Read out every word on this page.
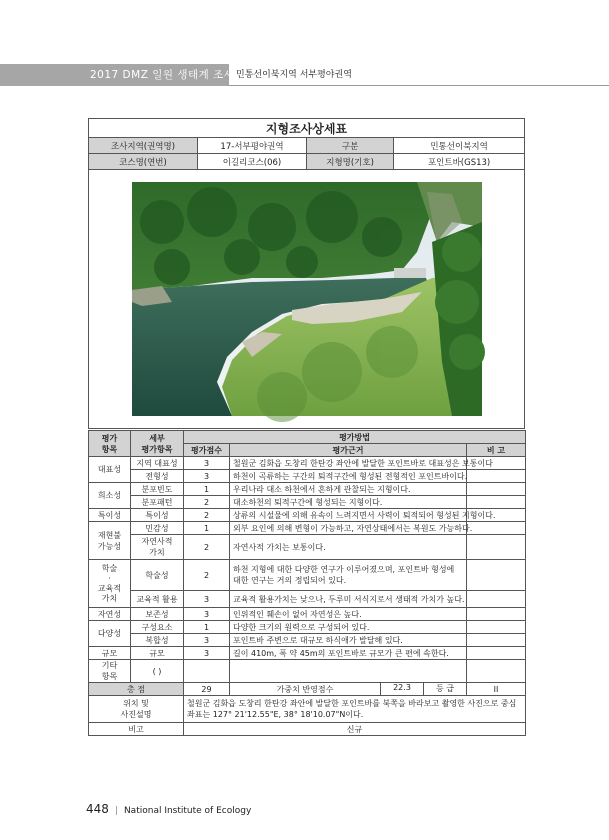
2017 DMZ 일원 생태계 조사 민통선이북지역 서부평야권역
지형조사상세표			
조사지역(권역명)	17-서부평야권역	구분	민통선이북지역
코스명(연번)	이길리코스(06)	지형명(기호)	포인트바(GS13)

평가
항목	세부
평가항목	평가방법			
		평가점수	평가근거		비 고
대표성	지역 대표성	3	철원군 김화읍 도창리 한탄강 좌안에 발달한 포인트바로 대표성은 보통이다		
	전형성	3	하천이 곡류하는 구간의 퇴적구간에 형성된 전형적인 포인트바이다.		
희소성	분포빈도	1	우리나라 대소 하천에서 흔하게 관찰되는 지형이다.		
	분포패턴	2	대소하천의 퇴적구간에 형성되는 지형이다.		
특이성	특이성	2	상류의 시설물에 의해 유속이 느려지면서 사력이 퇴적되어 형성된 지형이다.		
재현불
가능성	민감성	1	외부 요인에 의해 변형이 가능하고, 자연상태에서는 복원도 가능하다.		
	자연사적
가치	2	자연사적 가치는 보통이다.		
학술
·
교육적
가치	학술성	2	하천 지형에 대한 다양한 연구가 이루어졌으며, 포인트바 형성에 대한 연구는 거의 정립되어 있다.		
	교육적 활용	3	교육적 활용가치는 낮으나, 두루미 서식지로서 생태적 가치가 높다.		
자연성	보존성	3	인위적인 훼손이 없어 자연성은 높다.		
다양성	구성요소	1	다양한 크기의 원력으로 구성되어 있다.		
	복합성	3	포인트바 주변으로 대규모 하식애가 발달해 있다.		
규모	규모	3	길이 410m, 폭 약 45m의 포인트바로 규모가 큰 편에 속한다.		
기타
항목	( )				
총 점		29	가중치 반영점수	22.3 등 급	II
위치 및
사진설명		철원군 김화읍 도창리 한탄강 좌안에 발달한 포인트바를 북쪽을 바라보고 촬영한 사진으로 중심좌표는 127° 21'12.55"E, 38° 18'10.07"N이다.			
비고		신규			
448 | National Institute of Ecology
